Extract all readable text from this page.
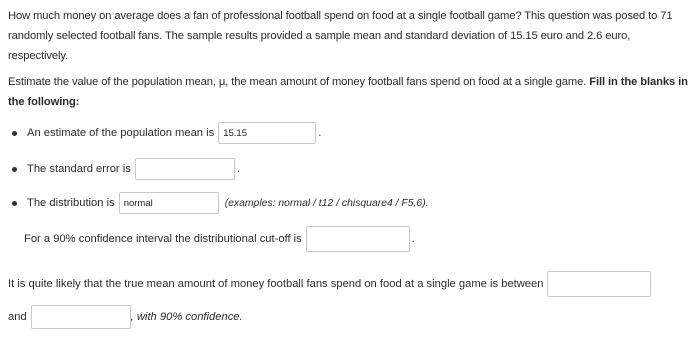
How much money on average does a fan of professional football spend on food at a single football game? This question was posed to 71 randomly selected football fans. The sample results provided a sample mean and standard deviation of 15.15 euro and 2.6 euro, respectively.
Estimate the value of the population mean, μ, the mean amount of money football fans spend on food at a single game. Fill in the blanks in the following:
An estimate of the population mean is
15.15	.
The standard error is	.
The distribution is
normal	(examples: normal / t12 / chisquare4 / F5,6).
For a 90% confidence interval the distributional cut-off is	.
It is quite likely that the true mean amount of money football fans spend on food at a single game is between
and	, with 90% confidence.
